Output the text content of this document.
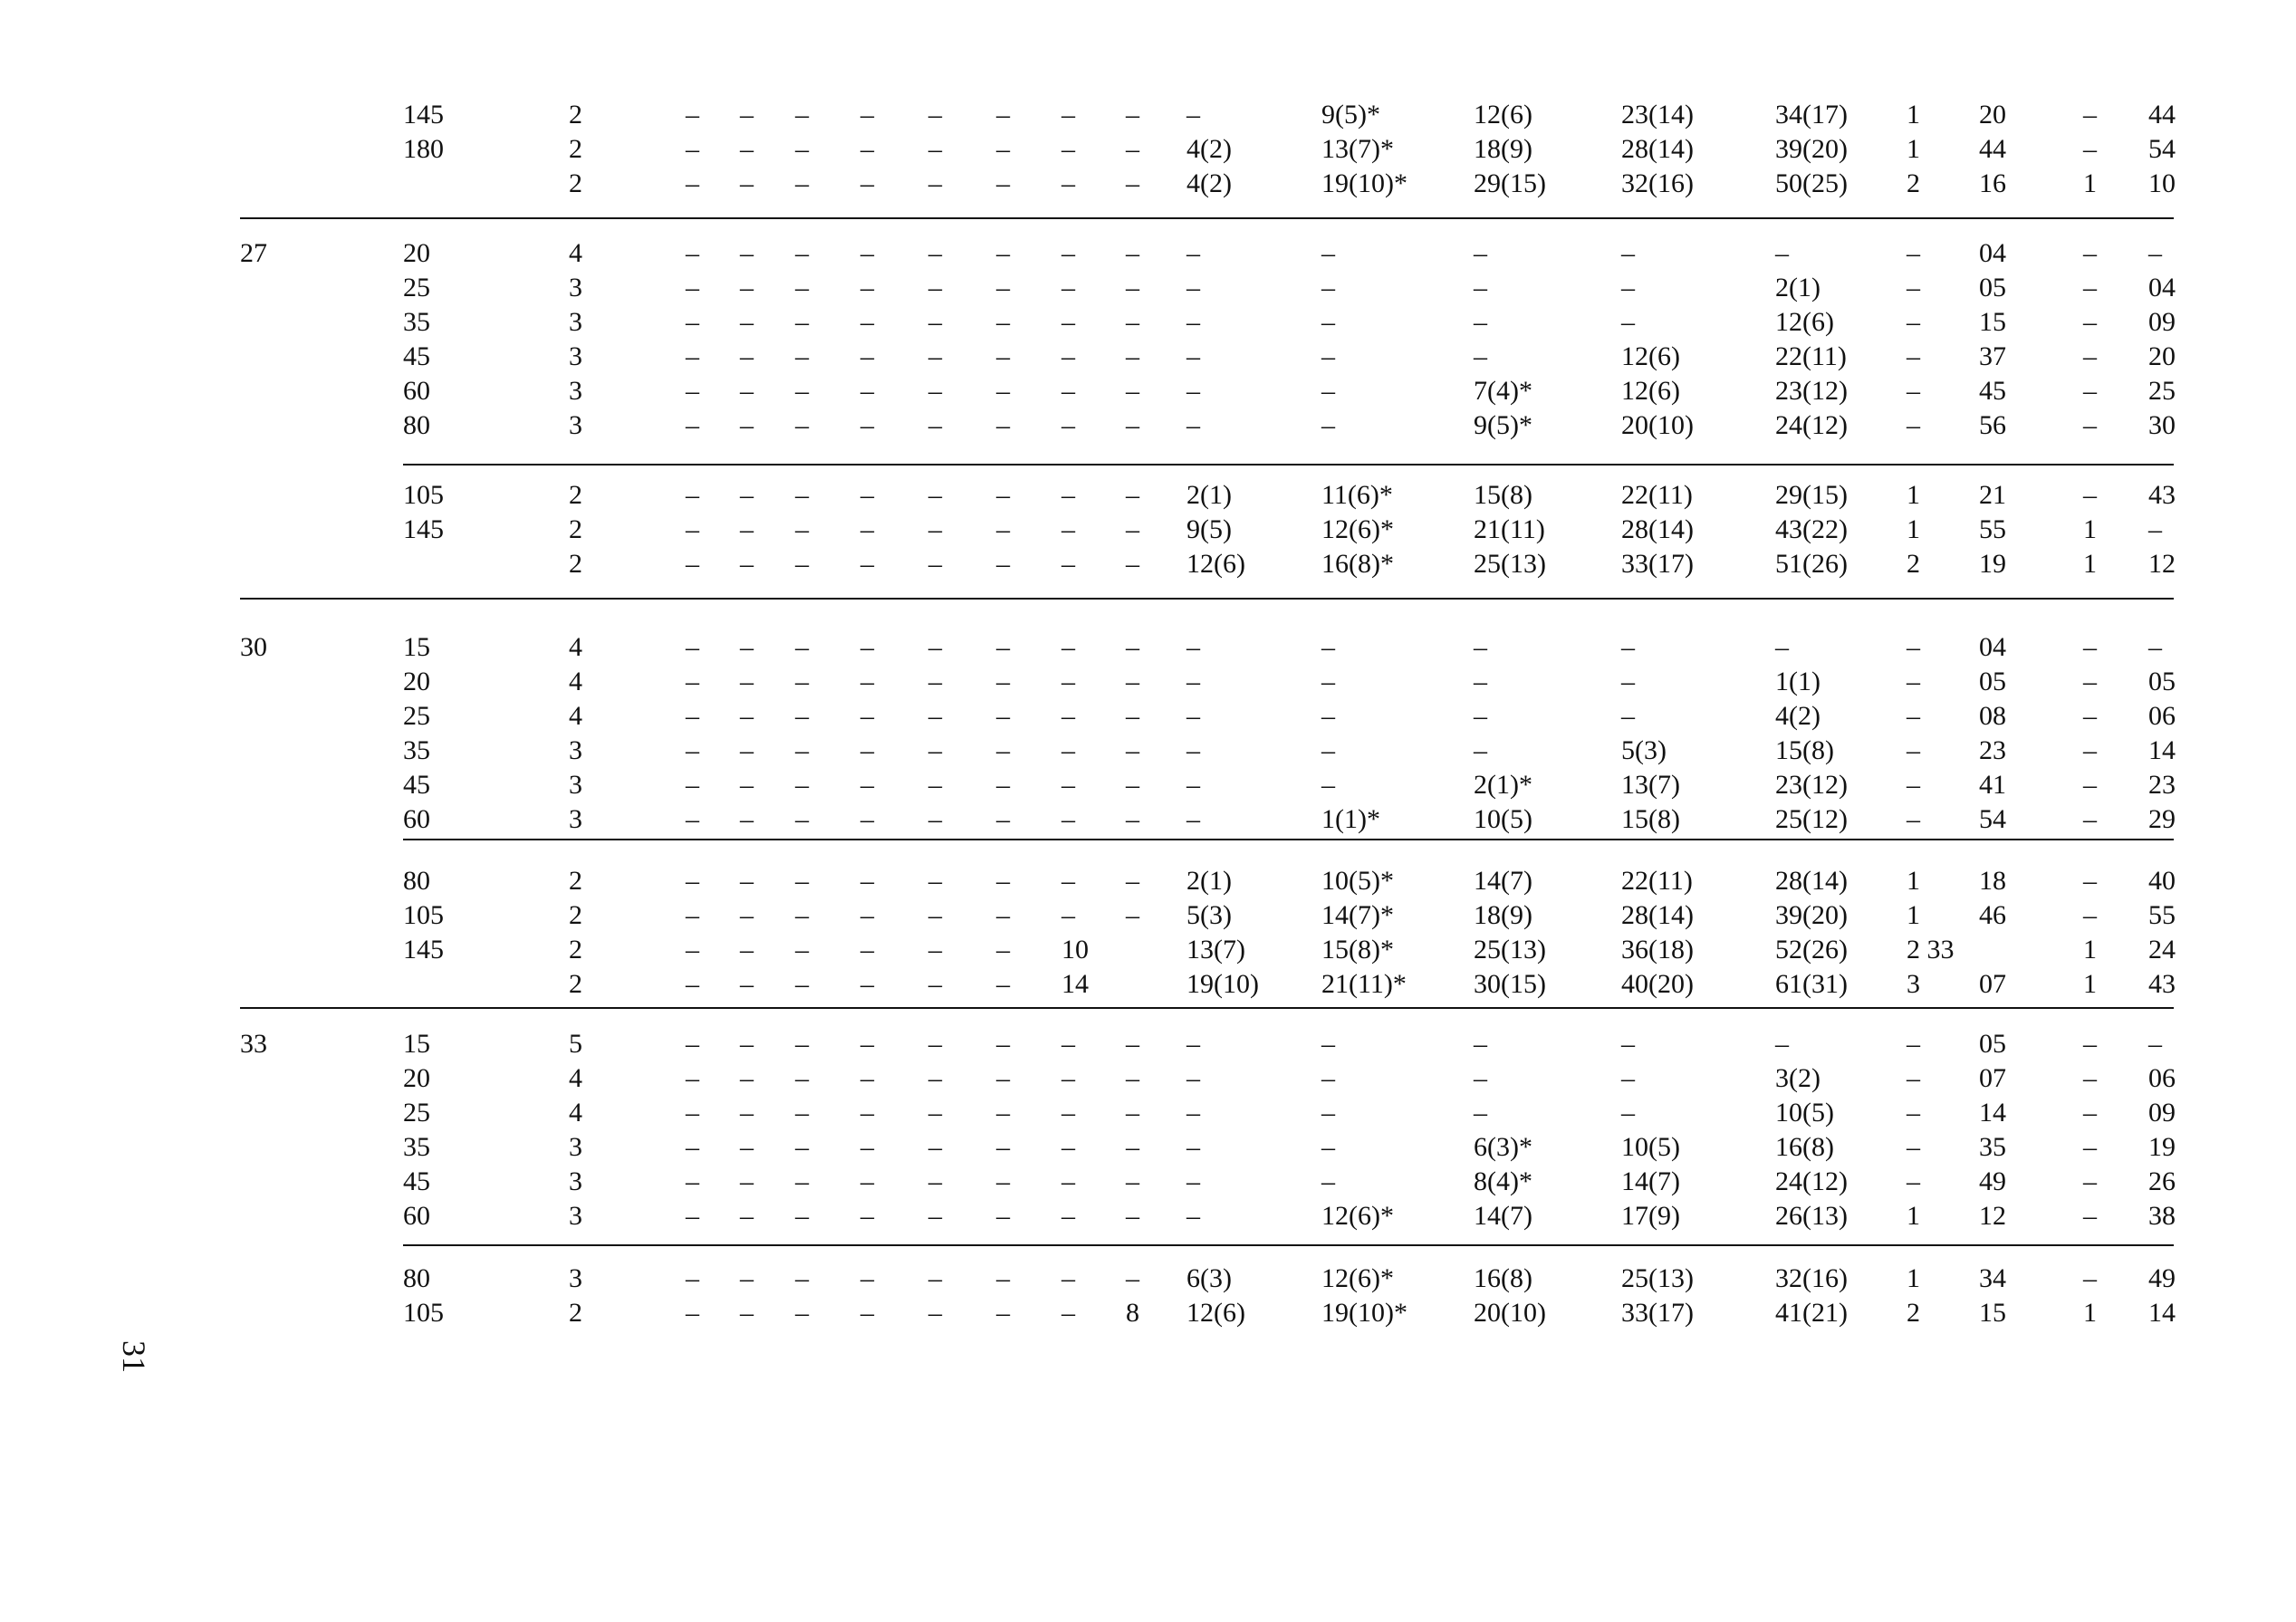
145	2	– – – – – – – – –	9(5)*	12(6)	23(14)	34(17) 1 20	– 44
180	2	– – – – – – – – 4(2)	13(7)*	18(9)	28(14)	39(20) 1 44	– 54
2	– – – – – – – – 4(2)	19(10)* 29(15)	32(16)	50(25) 2 16	1 10
27	20	4	– – – – – – – – –	–	–	–	–	– 04	– –
25	3	– – – – – – – – –	–	–	–	2(1)	– 05	– 04
35	3	– – – – – – – – –	–	–	–	12(6)	– 15	– 09
45	3	– – – – – – – – –	–	–	12(6)	22(11) – 37	– 20
60	3	– – – – – – – – –	–	7(4)*	12(6)	23(12) – 45	– 25
80	3	– – – – – – – – –	–	9(5)*	20(10)	24(12) – 56	– 30
105	2	– – – – – – – – 2(1)	11(6)*	15(8)	22(11)	29(15) 1 21	– 43
145	2	– – – – – – – – 9(5)	12(6)*	21(11)	28(14)	43(22) 1 55	1 –
2	– – – – – – – – 12(6)	16(8)*	25(13)	33(17)	51(26) 2 19	1 12
30	15	4	– – – – – – – – –	–	–	–	–	– 04	– –
20	4	– – – – – – – – –	–	–	–	1(1)	– 05	– 05
25	4	– – – – – – – – –	–	–	–	4(2)	– 08	– 06
35	3	– – – – – – – – –	–	–	5(3)	15(8)	– 23	– 14
45	3	– – – – – – – – –	–	2(1)*	13(7)	23(12) – 41	– 23
60	3	– – – – – – – – –	1(1)*	10(5)	15(8)	25(12) – 54	– 29
80	2	– – – – – – – – 2(1)	10(5)*	14(7)	22(11)	28(14) 1 18	– 40
105	2	– – – – – – – – 5(3)	14(7)*	18(9)	28(14)	39(20) 1 46	– 55
145	2	– – – – – – 10	13(7)	15(8)*	25(13)	36(18)	52(26) 2 33	1 24
2	– – – – – – 14	19(10) 21(11)* 30(15)	40(20)	61(31) 3 07	1 43
33	15	5	– – – – – – – – –	–	–	–	–	– 05	– –
20	4	– – – – – – – – –	–	–	–	3(2)	– 07	– 06
25	4	– – – – – – – – –	–	–	–	10(5)	– 14	– 09
35	3	– – – – – – – – –	–	6(3)*	10(5)	16(8)	– 35	– 19
45	3	– – – – – – – – –	–	8(4)*	14(7)	24(12) – 49	– 26
60	3	– – – – – – – – –	12(6)*	14(7)	17(9)	26(13) 1 12	– 38
80	3	– – – – – – – – 6(3)	12(6)*	16(8)	25(13)	32(16) 1 34	– 49
105	2	– – – – – – – 8 12(6)	19(10)* 20(10)	33(17)	41(21) 2 15	1 14
31
